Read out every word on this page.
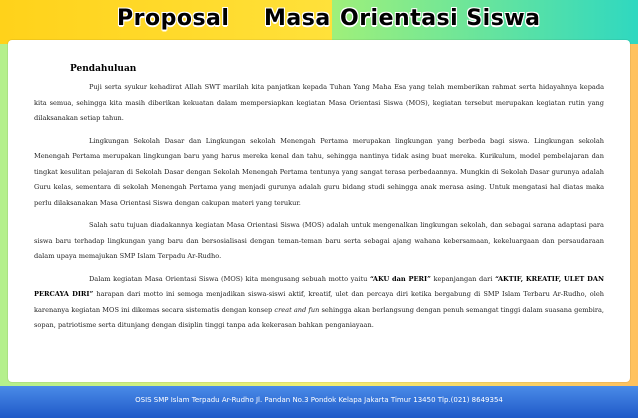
Proposal Masa Orientasi Siswa
Pendahuluan

Puji serta syukur kehadirat Allah SWT marilah kita panjatkan kepada Tuhan Yang Maha Esa yang telah memberikan rahmat serta hidayahnya kepada kita semua, sehingga kita masih diberikan kekuatan dalam mempersiapkan kegiatan Masa Orientasi Siswa (MOS), kegiatan tersebut merupakan kegiatan rutin yang dilaksanakan setiap tahun.

Lingkungan Sekolah Dasar dan Lingkungan sekolah Menengah Pertama merupakan lingkungan yang berbeda bagi siswa. Lingkungan sekolah Menengah Pertama merupakan lingkungan baru yang harus mereka kenal dan tahu, sehingga nantinya tidak asing buat mereka. Kurikulum, model pembelajaran dan tingkat kesulitan pelajaran di Sekolah Dasar dengan Sekolah Menengah Pertama tentunya yang sangat terasa perbedaannya. Mungkin di Sekolah Dasar gurunya adalah Guru kelas, sementara di sekolah Menengah Pertama yang menjadi gurunya adalah guru bidang studi sehingga anak merasa asing. Untuk mengatasi hal diatas maka perlu dilaksanakan Masa Orientasi Siswa dengan cakupan materi yang terukur.

Salah satu tujuan diadakannya kegiatan Masa Orientasi Siswa (MOS) adalah untuk mengenalkan lingkungan sekolah, dan sebagai sarana adaptasi para siswa baru terhadap lingkungan yang baru dan bersosialisasi dengan teman-teman baru serta sebagai ajang wahana kebersamaan, kekeluargaan dan persaudaraan dalam upaya memajukan SMP Islam Terpadu Ar-Rudho.

Dalam kegiatan Masa Orientasi Siswa (MOS) kita mengusang sebuah motto yaitu “AKU dan PERI” kepanjangan dari “AKTIF, KREATIF, ULET DAN PERCAYA DIRI” harapan dari motto ini semoga menjadikan siswa-siswi aktif, kreatif, ulet dan percaya diri ketika bergabung di SMP Islam Terbaru Ar-Rudho, oleh karenanya kegiatan MOS ini dikemas secara sistematis dengan konsep creat and fun sehingga akan berlangsung dengan penuh semangat tinggi dalam suasana gembira, sopan, patriotisme serta ditunjang dengan disiplin tinggi tanpa ada kekerasan bahkan penganiayaan.

OSIS SMP Islam Terpadu Ar-Rudho Jl. Pandan No.3 Pondok Kelapa Jakarta Timur 13450 Tlp.(021) 8649354
